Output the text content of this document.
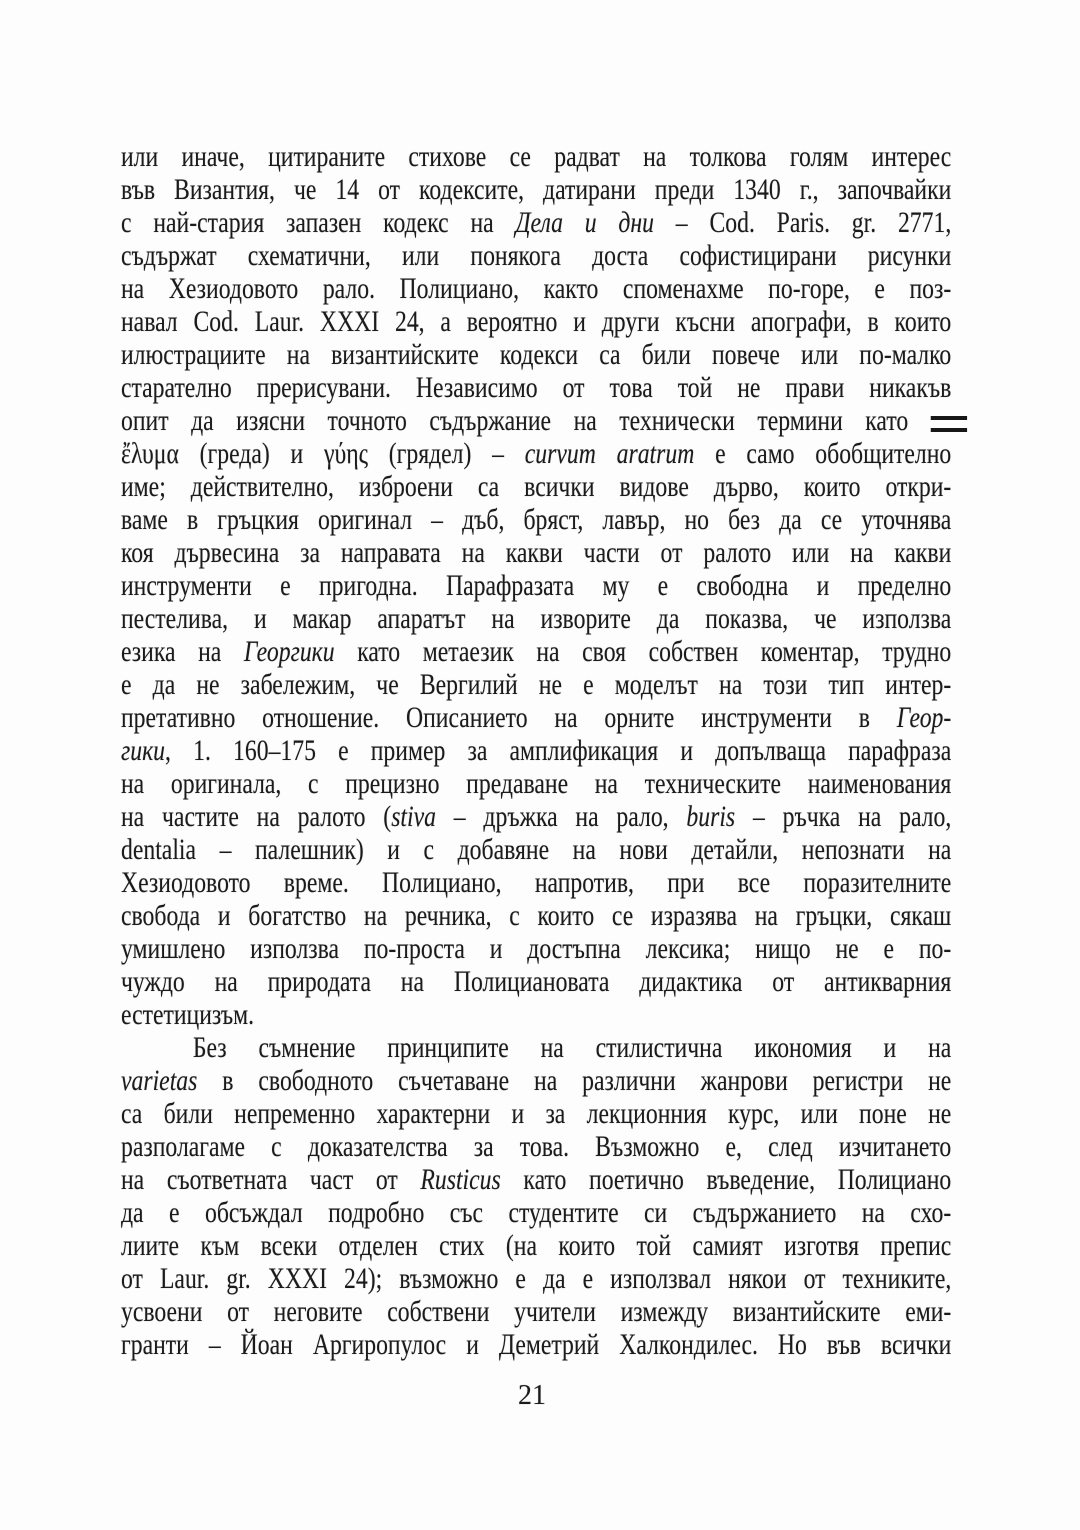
или иначе, цитираните стихове се радват на толкова голям интерес
във Византия, че 14 от кодексите, датирани преди 1340 г., започвайки
с най-стария запазен кодекс на Дела и дни – Cod. Paris. gr. 2771,
съдържат схематични, или понякога доста софистицирани рисунки
на Хезиодовото рало. Полициано, както споменахме по-горе, е поз-
навал Cod. Laur. XXXI 24, а вероятно и други късни апографи, в които
илюстрациите на византийските кодекси са били повече или по-малко
старателно прерисувани. Независимо от това той не прави никакъв
опит да изясни точното съдържание на технически термини като
ἔλυμα (греда) и γύης (грядел) – curvum aratrum е само обобщително
име; действително, изброени са всички видове дърво, които откри-
ваме в гръцкия оригинал – дъб, бряст, лавър, но без да се уточнява
коя дървесина за направата на какви части от ралото или на какви
инструменти е пригодна. Парафразата му е свободна и пределно
пестелива, и макар апаратът на изворите да показва, че използва
езика на Георгики като метаезик на своя собствен коментар, трудно
е да не забележим, че Вергилий не е моделът на този тип интер-
претативно отношение. Описанието на орните инструменти в Геор-
гики, 1. 160–175 е пример за амплификация и допълваща парафраза
на оригинала, с прецизно предаване на техническите наименования
на частите на ралото (stiva – дръжка на рало, buris – ръчка на рало,
dentalia – палешник) и с добавяне на нови детайли, непознати на
Хезиодовото време. Полициано, напротив, при все поразителните
свобода и богатство на речника, с които се изразява на гръцки, сякаш
умишлено използва по-проста и достъпна лексика; нищо не е по-
чуждо на природата на Полициановата дидактика от антикварния
естетицизъм.
Без съмнение принципите на стилистична икономия и на
varietas в свободното съчетаване на различни жанрови регистри не
са били непременно характерни и за лекционния курс, или поне не
разполагаме с доказателства за това. Възможно е, след изчитането
на съответната част от Rusticus като поетично въведение, Полициано
да е обсъждал подробно със студентите си съдържанието на схо-
лиите към всеки отделен стих (на които той самият изготвя препис
от Laur. gr. XXXI 24); възможно е да е използвал някои от техниките,
усвоени от неговите собствени учители измежду византийските еми-
гранти – Йоан Аргиропулос и Деметрий Халкондилес. Но във всички
21
